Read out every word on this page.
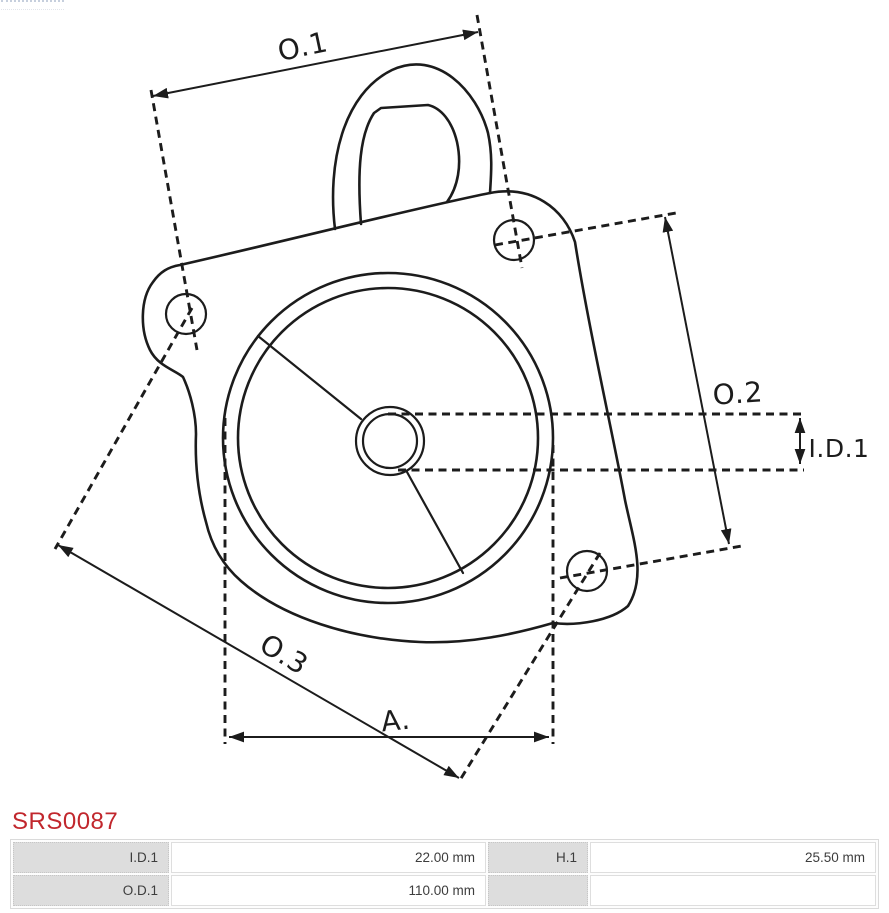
O.1
O.2
O.3
A.
I.D.1
SRS0087
I.D.1	22.00 mm	H.1	25.50 mm
O.D.1	110.00 mm		
